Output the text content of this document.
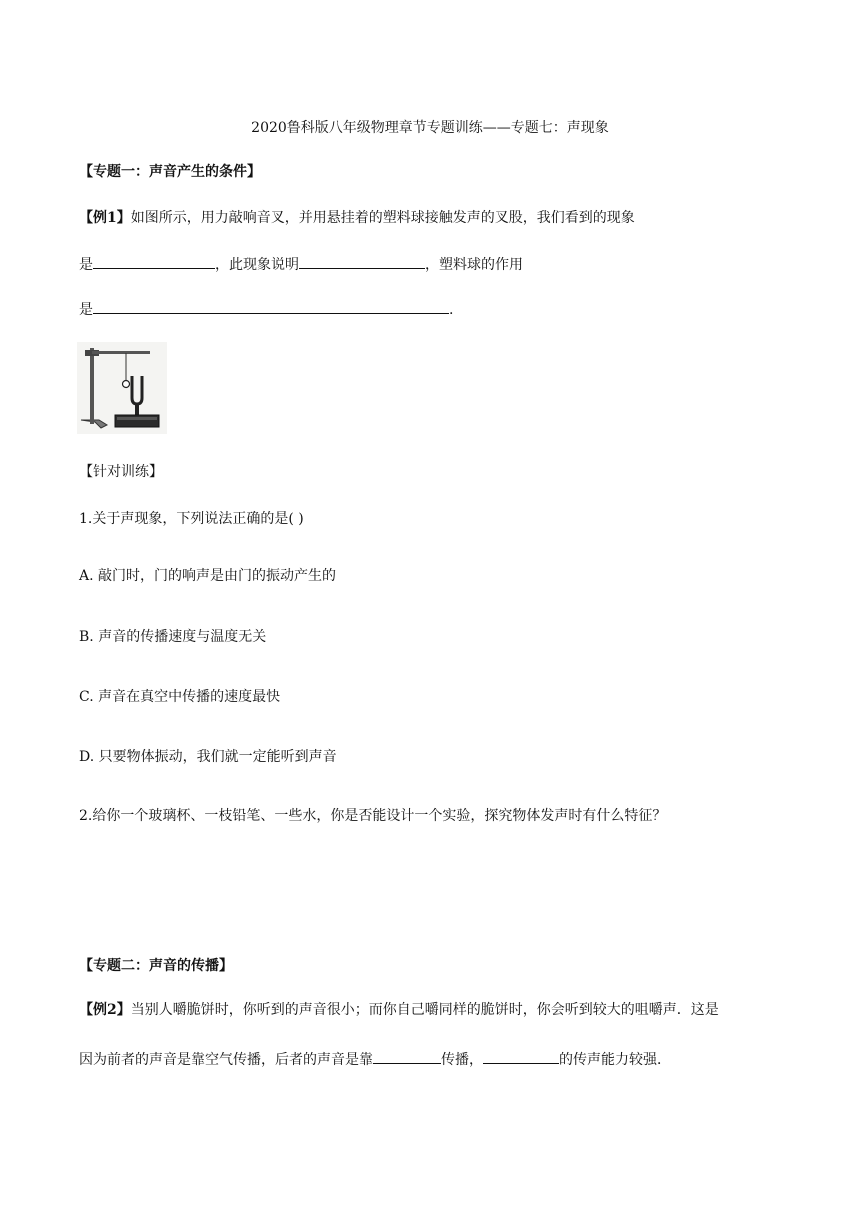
2020鲁科版八年级物理章节专题训练——专题七：声现象
【专题一：声音产生的条件】
【例1】如图所示，用力敲响音叉，并用悬挂着的塑料球接触发声的叉股，我们看到的现象
是	，此现象说明	，塑料球的作用
是	.
【针对训练】
1.关于声现象，下列说法正确的是( )
A. 敲门时，门的响声是由门的振动产生的
B. 声音的传播速度与温度无关
C. 声音在真空中传播的速度最快
D. 只要物体振动，我们就一定能听到声音
2.给你一个玻璃杯、一枝铅笔、一些水，你是否能设计一个实验，探究物体发声时有什么特征？
【专题二：声音的传播】
【例2】当别人嚼脆饼时，你听到的声音很小；而你自己嚼同样的脆饼时，你会听到较大的咀嚼声．这是
因为前者的声音是靠空气传播，后者的声音是靠	传播，	的传声能力较强．
